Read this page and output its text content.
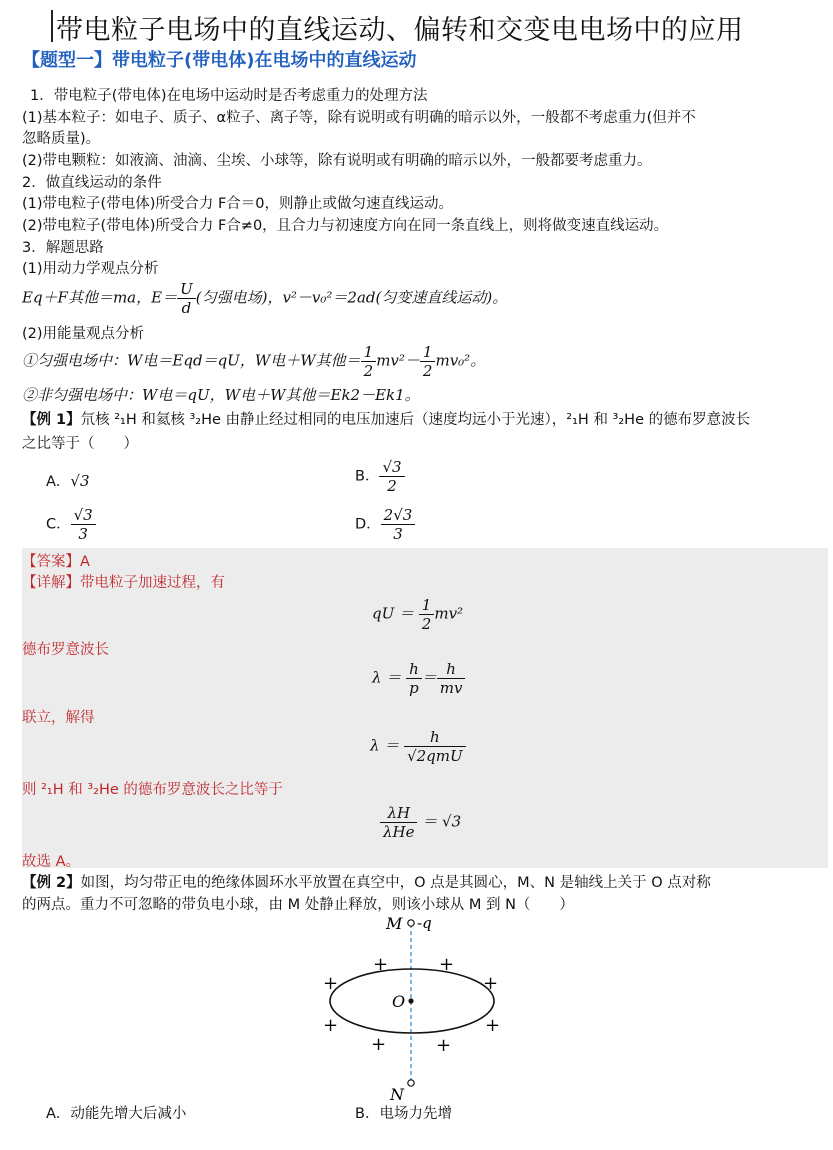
带电粒子电场中的直线运动、偏转和交变电电场中的应用
【题型一】带电粒子(带电体)在电场中的直线运动
1．带电粒子(带电体)在电场中运动时是否考虑重力的处理方法
(1)基本粒子：如电子、质子、α粒子、离子等，除有说明或有明确的暗示以外，一般都不考虑重力(但并不
忽略质量)。
(2)带电颗粒：如液滴、油滴、尘埃、小球等，除有说明或有明确的暗示以外，一般都要考虑重力。
2．做直线运动的条件
(1)带电粒子(带电体)所受合力 F合＝0，则静止或做匀速直线运动。
(2)带电粒子(带电体)所受合力 F合≠0，且合力与初速度方向在同一条直线上，则将做变速直线运动。
3．解题思路
(1)用动力学观点分析
Eq＋F其他＝ma，$E= \frac{U}{d}$ (匀强电场)，v²－v₀²＝2ad(匀变速直线运动)。
(2)用能量观点分析
①匀强电场中：W电＝Eqd＝qU，W电＋W其他＝ $\frac{1}{2} mv^2- \frac{1}{2} mv_0^2$。
②非匀强电场中：W电＝qU，W电＋W其他＝Ek2－Ek1。
【例 1】氘核 ²₁H 和氦核 ³₂He 由静止经过相同的电压加速后（速度均远小于光速），²₁H 和 ³₂He 的德布罗意波长
之比等于（　　）
A．√3	B． $\frac{√3}{2}$
C． $\frac{√3}{3}$	D． $\frac{2√3}{3}$
【答案】A
【详解】带电粒子加速过程，有
qU ＝ $\frac{1}{2} mv^2$
德布罗意波长
$\lambda = \frac{h}{p} = \frac{h}{mv}$
联立，解得
$\lambda = \frac{h}{\text{√2qmU}}$
则 ²₁H 和 ³₂He 的德布罗意波长之比等于
$\frac{\lambda H}{\text{λHe}} = √3$
故选 A。
【例 2】如图，均匀带正电的绝缘体圆环水平放置在真空中，O 点是其圆心，M、N 是轴线上关于 O 点对称
的两点。重力不可忽略的带负电小球，由 M 处静止释放，则该小球从 M 到 N（　　）
M -q
O
N
+	+
+	+
+	+
+	+
A．动能先增大后减小	B．电场力先增
